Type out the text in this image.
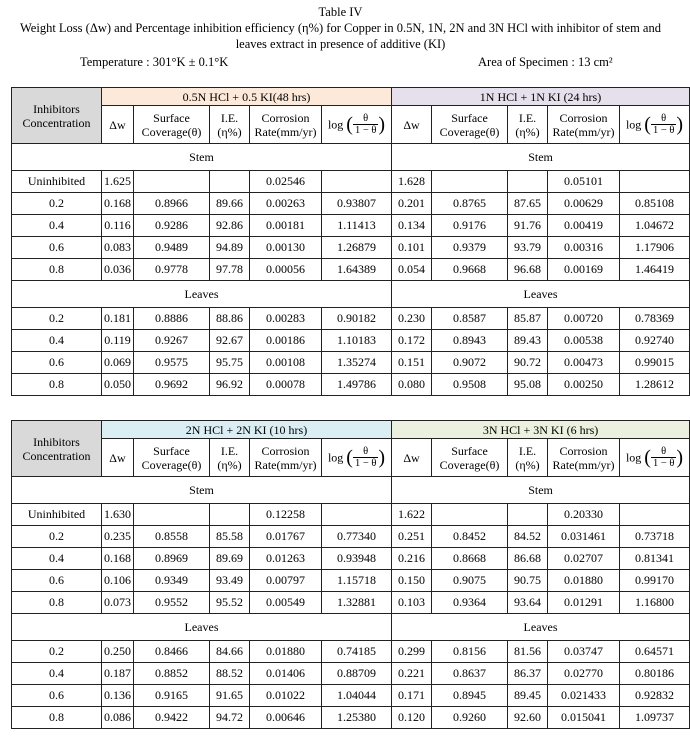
Table IV
Weight Loss (Δw) and Percentage inhibition efficiency (η%) for Copper in 0.5N, 1N, 2N and 3N HCl with inhibitor of stem and
leaves extract in presence of additive (KI)
Temperature : 301°K ± 0.1°K	Area of Specimen : 13 cm²
Inhibitors Concentration	0.5N HCl + 0.5 KI(48 hrs)					1N HCl + 1N KI (24 hrs)				
	Δw	Surface Coverage(θ)	I.E. (η%)	Corrosion Rate(mm/yr)	log ( $\frac{\theta}{1 - \theta}$ )	Δw	Surface Coverage(θ)	I.E. (η%)	Corrosion Rate(mm/yr)	log ( $\frac{\theta}{1 - \theta}$ )
Stem						Stem				
Uninhibited	1.625			0.02546		1.628			0.05101	
0.2	0.168	0.8966	89.66	0.00263	0.93807	0.201	0.8765	87.65	0.00629	0.85108
0.4	0.116	0.9286	92.86	0.00181	1.11413	0.134	0.9176	91.76	0.00419	1.04672
0.6	0.083	0.9489	94.89	0.00130	1.26879	0.101	0.9379	93.79	0.00316	1.17906
0.8	0.036	0.9778	97.78	0.00056	1.64389	0.054	0.9668	96.68	0.00169	1.46419
Leaves						Leaves				
0.2	0.181	0.8886	88.86	0.00283	0.90182	0.230	0.8587	85.87	0.00720	0.78369
0.4	0.119	0.9267	92.67	0.00186	1.10183	0.172	0.8943	89.43	0.00538	0.92740
0.6	0.069	0.9575	95.75	0.00108	1.35274	0.151	0.9072	90.72	0.00473	0.99015
0.8	0.050	0.9692	96.92	0.00078	1.49786	0.080	0.9508	95.08	0.00250	1.28612
Inhibitors Concentration	2N HCl + 2N KI (10 hrs)					3N HCl + 3N KI (6 hrs)				
	Δw	Surface Coverage(θ)	I.E. (η%)	Corrosion Rate(mm/yr)	log ( $\frac{\theta}{1 - \theta}$ )	Δw	Surface Coverage(θ)	I.E. (η%)	Corrosion Rate(mm/yr)	log ( $\frac{\theta}{1 - \theta}$ )
Stem						Stem				
Uninhibited	1.630			0.12258		1.622			0.20330	
0.2	0.235	0.8558	85.58	0.01767	0.77340	0.251	0.8452	84.52	0.031461	0.73718
0.4	0.168	0.8969	89.69	0.01263	0.93948	0.216	0.8668	86.68	0.02707	0.81341
0.6	0.106	0.9349	93.49	0.00797	1.15718	0.150	0.9075	90.75	0.01880	0.99170
0.8	0.073	0.9552	95.52	0.00549	1.32881	0.103	0.9364	93.64	0.01291	1.16800
Leaves						Leaves				
0.2	0.250	0.8466	84.66	0.01880	0.74185	0.299	0.8156	81.56	0.03747	0.64571
0.4	0.187	0.8852	88.52	0.01406	0.88709	0.221	0.8637	86.37	0.02770	0.80186
0.6	0.136	0.9165	91.65	0.01022	1.04044	0.171	0.8945	89.45	0.021433	0.92832
0.8	0.086	0.9422	94.72	0.00646	1.25380	0.120	0.9260	92.60	0.015041	1.09737
